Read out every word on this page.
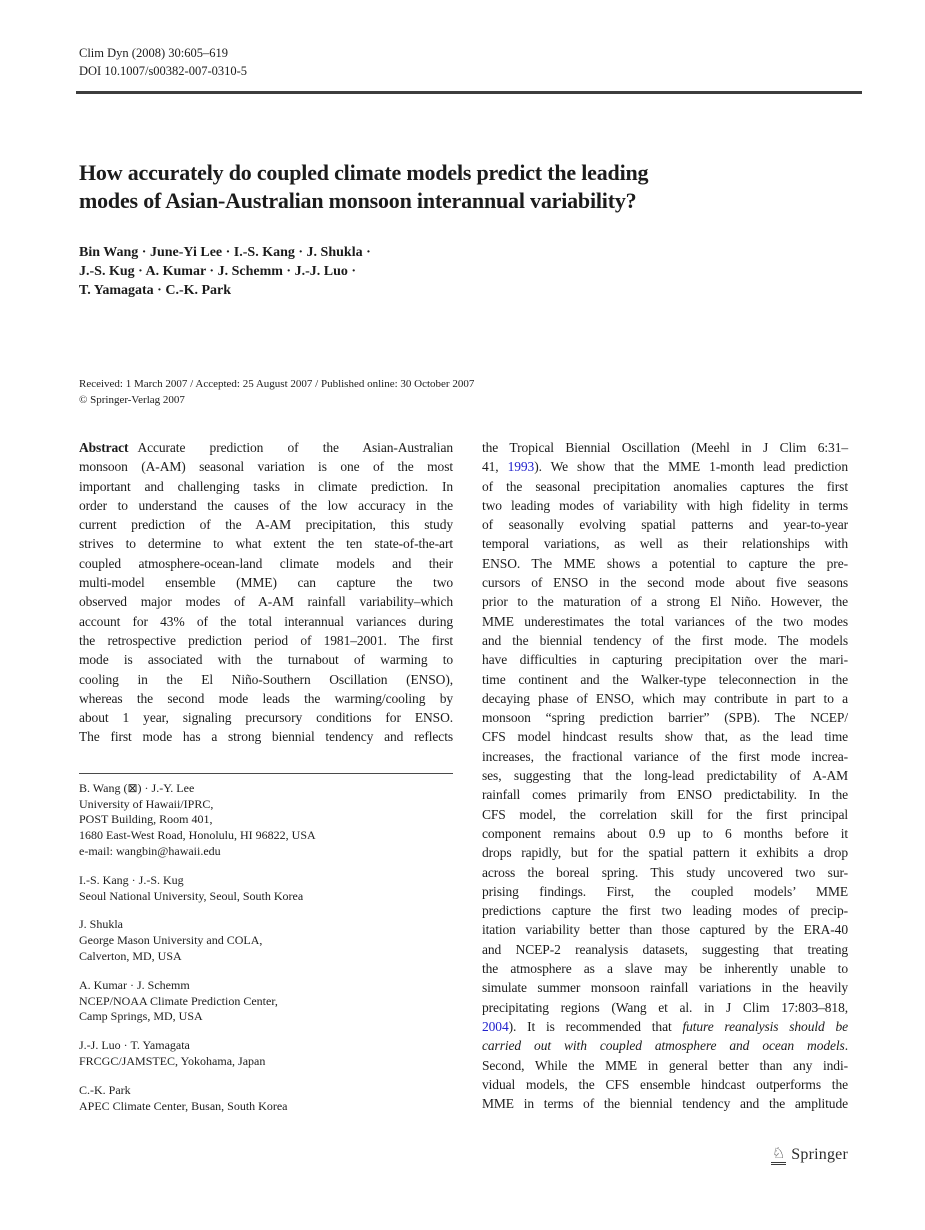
Clim Dyn (2008) 30:605–619
DOI 10.1007/s00382-007-0310-5
How accurately do coupled climate models predict the leading
modes of Asian-Australian monsoon interannual variability?
Bin Wang · June-Yi Lee · I.-S. Kang · J. Shukla ·
J.-S. Kug · A. Kumar · J. Schemm · J.-J. Luo ·
T. Yamagata · C.-K. Park
Received: 1 March 2007 / Accepted: 25 August 2007 / Published online: 30 October 2007
© Springer-Verlag 2007
Abstract Accurate prediction of the Asian-Australian
monsoon (A-AM) seasonal variation is one of the most
important and challenging tasks in climate prediction. In
order to understand the causes of the low accuracy in the
current prediction of the A-AM precipitation, this study
strives to determine to what extent the ten state-of-the-art
coupled atmosphere-ocean-land climate models and their
multi-model ensemble (MME) can capture the two
observed major modes of A-AM rainfall variability–which
account for 43% of the total interannual variances during
the retrospective prediction period of 1981–2001. The first
mode is associated with the turnabout of warming to
cooling in the El Niño-Southern Oscillation (ENSO),
whereas the second mode leads the warming/cooling by
about 1 year, signaling precursory conditions for ENSO.
The first mode has a strong biennial tendency and reflects
B. Wang (⊠) · J.-Y. Lee
University of Hawaii/IPRC,
POST Building, Room 401,
1680 East-West Road, Honolulu, HI 96822, USA
e-mail: wangbin@hawaii.edu
I.-S. Kang · J.-S. Kug
Seoul National University, Seoul, South Korea
J. Shukla
George Mason University and COLA,
Calverton, MD, USA
A. Kumar · J. Schemm
NCEP/NOAA Climate Prediction Center,
Camp Springs, MD, USA
J.-J. Luo · T. Yamagata
FRCGC/JAMSTEC, Yokohama, Japan
C.-K. Park
APEC Climate Center, Busan, South Korea
the Tropical Biennial Oscillation (Meehl in J Clim 6:31–
41, 1993). We show that the MME 1-month lead prediction
of the seasonal precipitation anomalies captures the first
two leading modes of variability with high fidelity in terms
of seasonally evolving spatial patterns and year-to-year
temporal variations, as well as their relationships with
ENSO. The MME shows a potential to capture the pre-
cursors of ENSO in the second mode about five seasons
prior to the maturation of a strong El Niño. However, the
MME underestimates the total variances of the two modes
and the biennial tendency of the first mode. The models
have difficulties in capturing precipitation over the mari-
time continent and the Walker-type teleconnection in the
decaying phase of ENSO, which may contribute in part to a
monsoon “spring prediction barrier” (SPB). The NCEP/
CFS model hindcast results show that, as the lead time
increases, the fractional variance of the first mode increa-
ses, suggesting that the long-lead predictability of A-AM
rainfall comes primarily from ENSO predictability. In the
CFS model, the correlation skill for the first principal
component remains about 0.9 up to 6 months before it
drops rapidly, but for the spatial pattern it exhibits a drop
across the boreal spring. This study uncovered two sur-
prising findings. First, the coupled models’ MME
predictions capture the first two leading modes of precip-
itation variability better than those captured by the ERA-40
and NCEP-2 reanalysis datasets, suggesting that treating
the atmosphere as a slave may be inherently unable to
simulate summer monsoon rainfall variations in the heavily
precipitating regions (Wang et al. in J Clim 17:803–818,
2004). It is recommended that future reanalysis should be
carried out with coupled atmosphere and ocean models.
Second, While the MME in general better than any indi-
vidual models, the CFS ensemble hindcast outperforms the
MME in terms of the biennial tendency and the amplitude
♘ Springer
